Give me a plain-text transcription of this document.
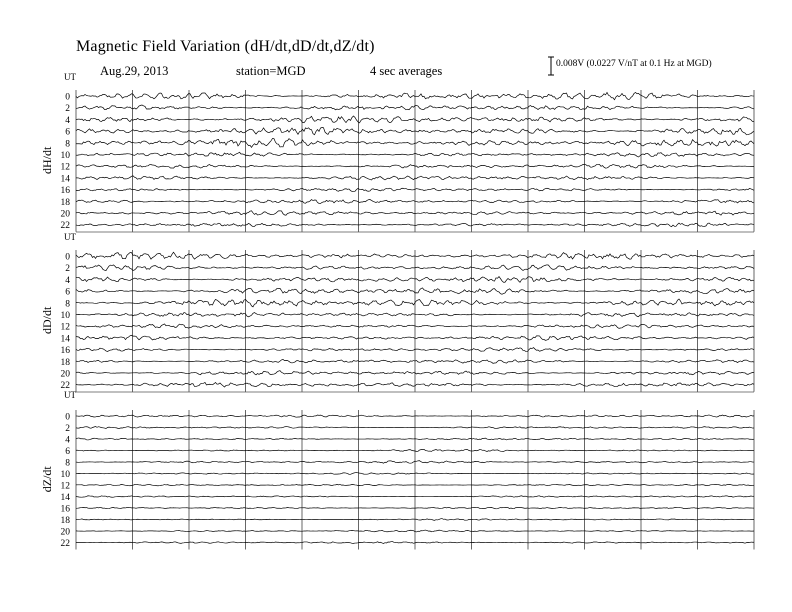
Magnetic Field Variation (dH/dt,dD/dt,dZ/dt)
Aug.29, 2013	station=MGD	4 sec averages	0.008V (0.0227 V/nT at 0.1 Hz at MGD)
UT
dH/dt
0
2
4
6
8
10
12
14
16
18
20
22
UT
dD/dt
0
2
4
6
8
10
12
14
16
18
20
22
UT
dZ/dt
0
2
4
6
8
10
12
14
16
18
20
22
